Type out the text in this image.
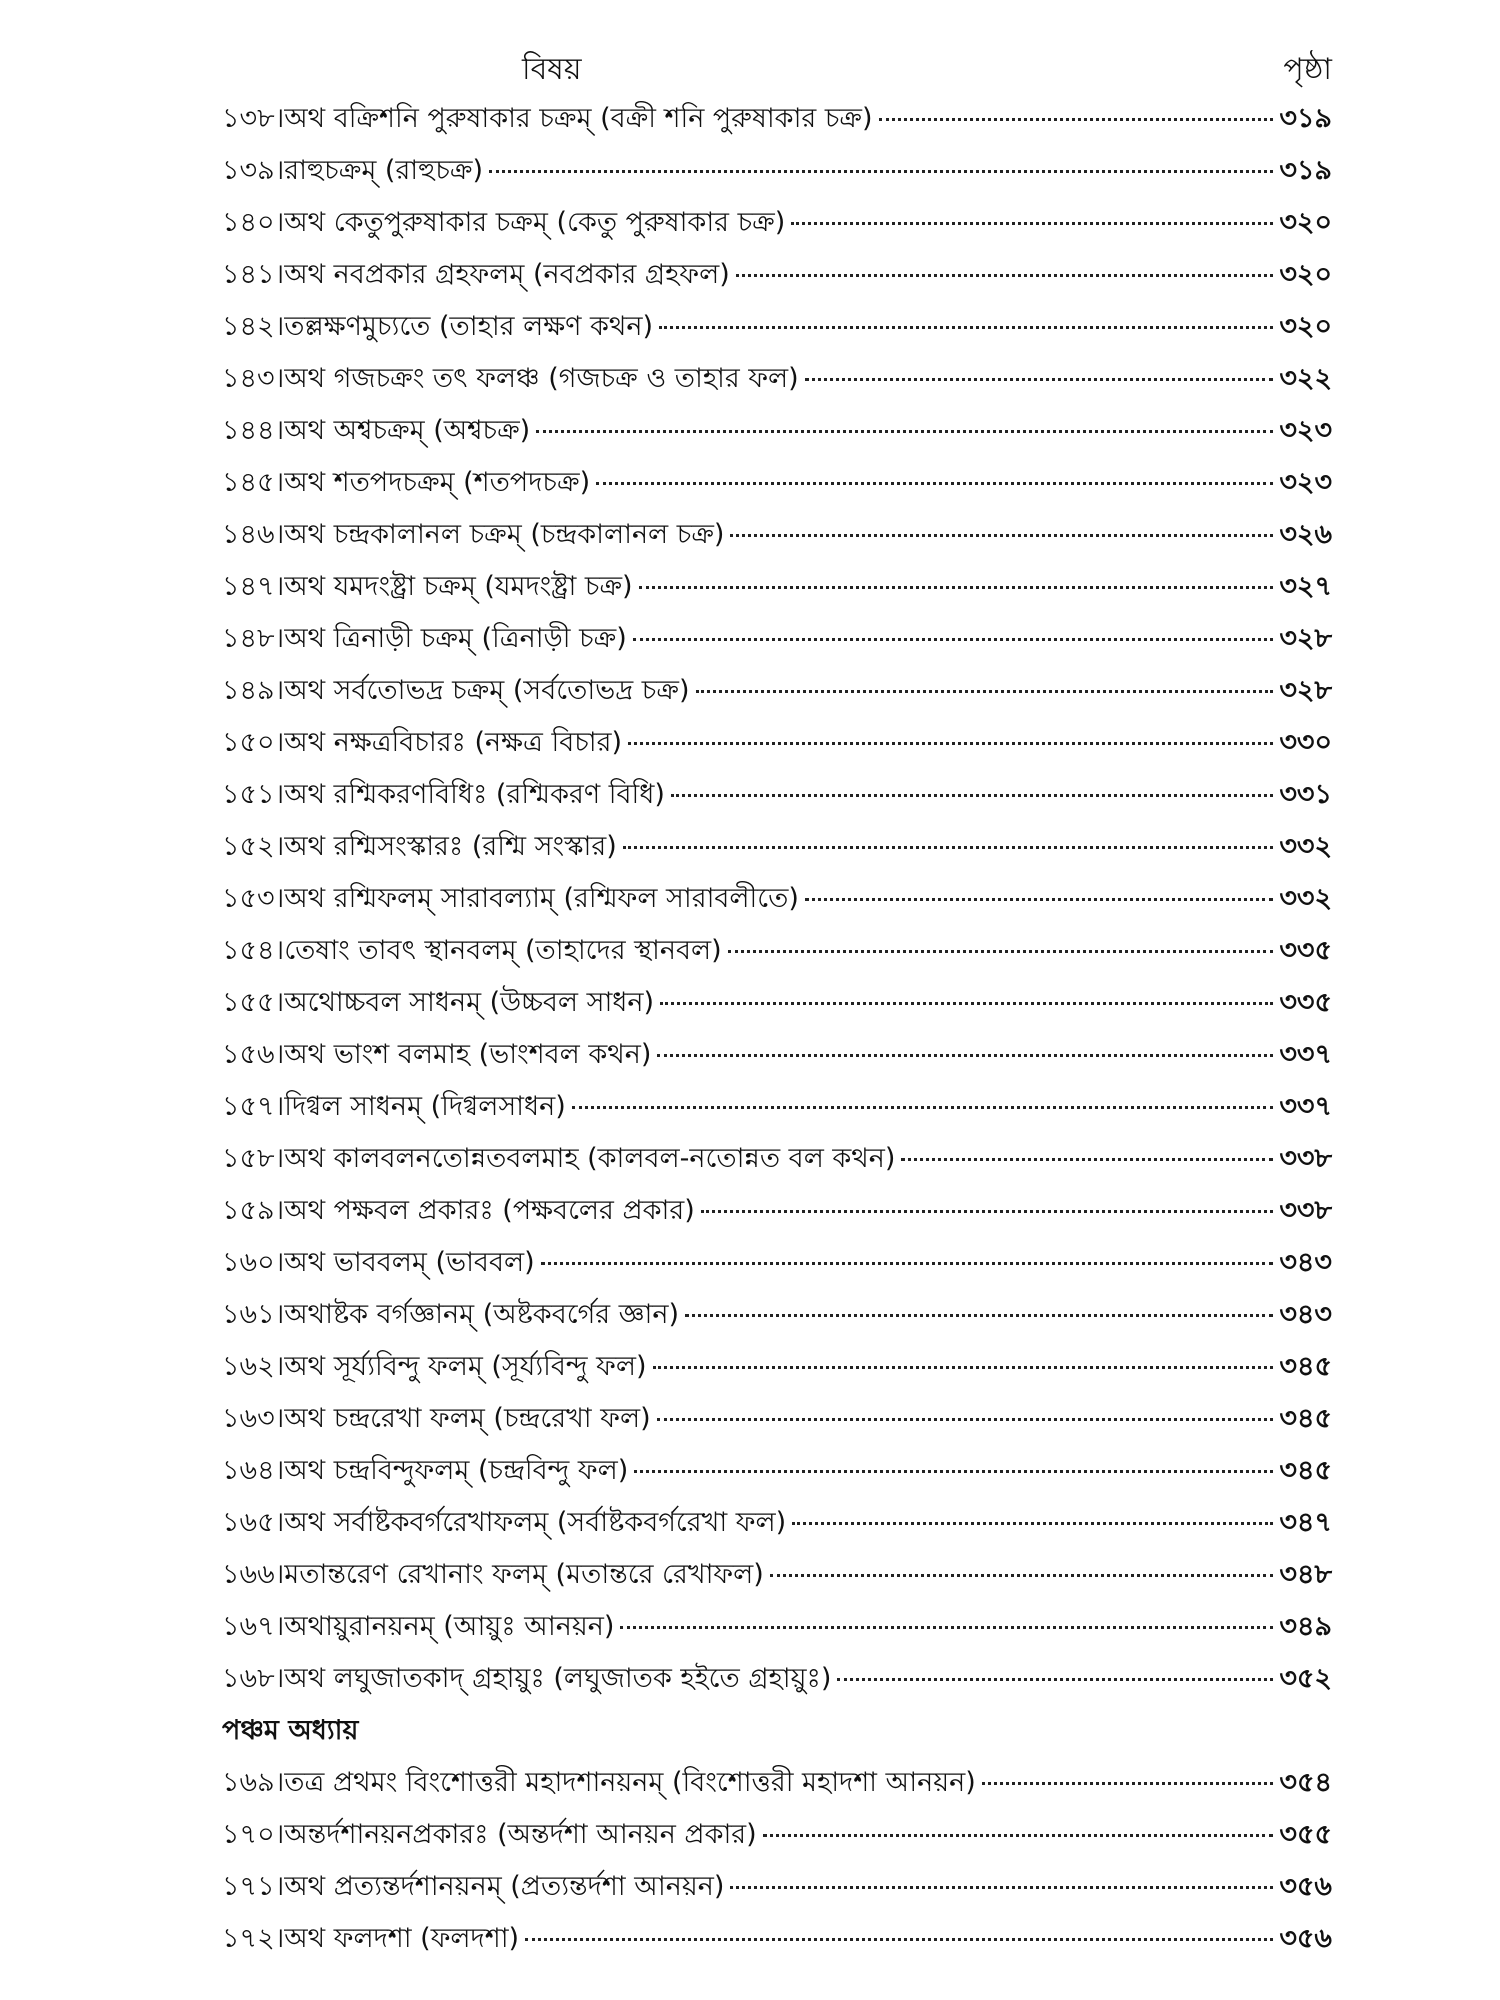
বিষয়	পৃষ্ঠা
১৩৮। অথ বক্রিশনি পুরুষাকার চক্রম্ (বক্রী শনি পুরুষাকার চক্র)	৩১৯
১৩৯। রাহুচক্রম্ (রাহুচক্র)	৩১৯
১৪০। অথ কেতুপুরুষাকার চক্রম্ (কেতু পুরুষাকার চক্র)	৩২০
১৪১। অথ নবপ্রকার গ্রহফলম্ (নবপ্রকার গ্রহফল)	৩২০
১৪২। তল্লক্ষণমুচ্যতে (তাহার লক্ষণ কথন)	৩২০
১৪৩। অথ গজচক্রং তৎ ফলঞ্চ (গজচক্র ও তাহার ফল)	৩২২
১৪৪। অথ অশ্বচক্রম্ (অশ্বচক্র)	৩২৩
১৪৫। অথ শতপদচক্রম্ (শতপদচক্র)	৩২৩
১৪৬। অথ চন্দ্রকালানল চক্রম্ (চন্দ্রকালানল চক্র)	৩২৬
১৪৭। অথ যমদংষ্ট্রা চক্রম্ (যমদংষ্ট্রা চক্র)	৩২৭
১৪৮। অথ ত্রিনাড়ী চক্রম্ (ত্রিনাড়ী চক্র)	৩২৮
১৪৯। অথ সর্বতোভদ্র চক্রম্ (সর্বতোভদ্র চক্র)	৩২৮
১৫০। অথ নক্ষত্রবিচারঃ (নক্ষত্র বিচার)	৩৩০
১৫১। অথ রশ্মিকরণবিধিঃ (রশ্মিকরণ বিধি)	৩৩১
১৫২। অথ রশ্মিসংস্কারঃ (রশ্মি সংস্কার)	৩৩২
১৫৩। অথ রশ্মিফলম্ সারাবল্যাম্ (রশ্মিফল সারাবলীতে)	৩৩২
১৫৪। তেষাং তাবৎ স্থানবলম্ (তাহাদের স্থানবল)	৩৩৫
১৫৫। অথোচ্চবল সাধনম্ (উচ্চবল সাধন)	৩৩৫
১৫৬। অথ ভাংশ বলমাহ (ভাংশবল কথন)	৩৩৭
১৫৭। দিগ্বল সাধনম্ (দিগ্বলসাধন)	৩৩৭
১৫৮। অথ কালবলনতোন্নতবলমাহ (কালবল-নতোন্নত বল কথন)	৩৩৮
১৫৯। অথ পক্ষবল প্রকারঃ (পক্ষবলের প্রকার)	৩৩৮
১৬০। অথ ভাববলম্ (ভাববল)	৩৪৩
১৬১। অথাষ্টক বর্গজ্ঞানম্ (অষ্টকবর্গের জ্ঞান)	৩৪৩
১৬২। অথ সূর্য্যবিন্দু ফলম্ (সূর্য্যবিন্দু ফল)	৩৪৫
১৬৩। অথ চন্দ্ররেখা ফলম্ (চন্দ্ররেখা ফল)	৩৪৫
১৬৪। অথ চন্দ্রবিন্দুফলম্ (চন্দ্রবিন্দু ফল)	৩৪৫
১৬৫। অথ সর্বাষ্টকবর্গরেখাফলম্ (সর্বাষ্টকবর্গরেখা ফল)	৩৪৭
১৬৬। মতান্তরেণ রেখানাং ফলম্ (মতান্তরে রেখাফল)	৩৪৮
১৬৭। অথায়ুরানয়নম্ (আয়ুঃ আনয়ন)	৩৪৯
১৬৮। অথ লঘুজাতকাদ্ গ্রহায়ুঃ (লঘুজাতক হইতে গ্রহায়ুঃ)	৩৫২
পঞ্চম অধ্যায়
১৬৯। তত্র প্রথমং বিংশোত্তরী মহাদশানয়নম্ (বিংশোত্তরী মহাদশা আনয়ন)	৩৫৪
১৭০। অন্তর্দশানয়নপ্রকারঃ (অন্তর্দশা আনয়ন প্রকার)	৩৫৫
১৭১। অথ প্রত্যন্তর্দশানয়নম্ (প্রত্যন্তর্দশা আনয়ন)	৩৫৬
১৭২। অথ ফলদশা (ফলদশা)	৩৫৬
